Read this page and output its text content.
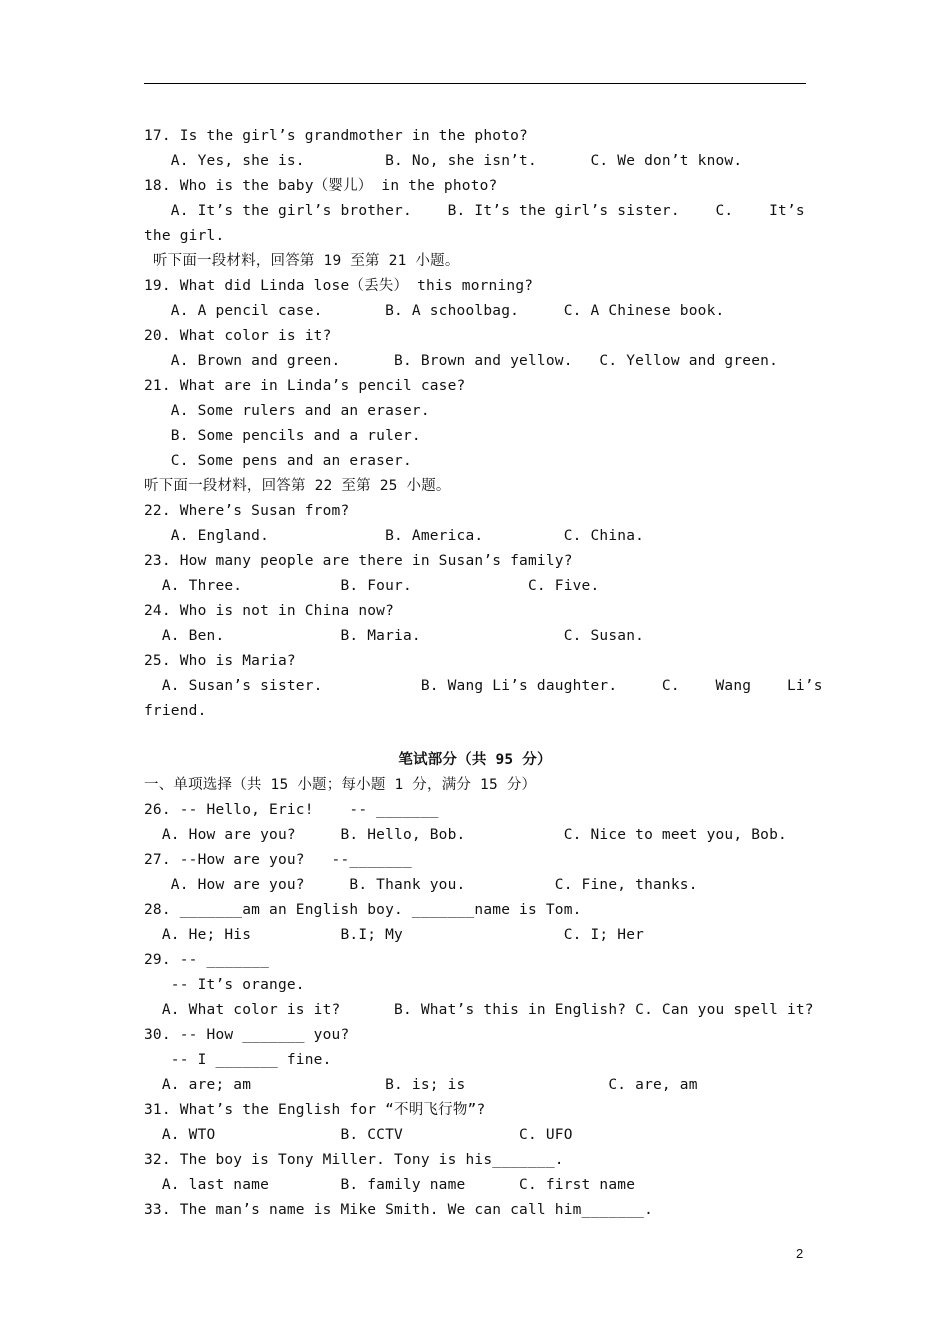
17. Is the girl’s grandmother in the photo?
A. Yes, she is.         B. No, she isn’t.      C. We don’t know.
18. Who is the baby（婴儿） in the photo?
A. It’s the girl’s brother.    B. It’s the girl’s sister.    C.    It’s
the girl.
听下面一段材料，回答第 19 至第 21 小题。
19. What did Linda lose（丢失） this morning?
A. A pencil case.       B. A schoolbag.     C. A Chinese book.
20. What color is it?
A. Brown and green.      B. Brown and yellow.   C. Yellow and green.
21. What are in Linda’s pencil case?
A. Some rulers and an eraser.
B. Some pencils and a ruler.
C. Some pens and an eraser.
听下面一段材料，回答第 22 至第 25 小题。
22. Where’s Susan from?
A. England.             B. America.         C. China.
23. How many people are there in Susan’s family?
A. Three.           B. Four.             C. Five.
24. Who is not in China now?
A. Ben.             B. Maria.                C. Susan.
25. Who is Maria?
A. Susan’s sister.           B. Wang Li’s daughter.     C.    Wang    Li’s
friend.
笔试部分（共 95 分）
一、单项选择（共 15 小题；每小题 1 分，满分 15 分）
26. -- Hello, Eric!    -- _______
A. How are you?     B. Hello, Bob.           C. Nice to meet you, Bob.
27. --How are you?   --_______
A. How are you?     B. Thank you.          C. Fine, thanks.
28. _______am an English boy. _______name is Tom.
A. He; His          B.I; My                  C. I; Her
29. -- _______
-- It’s orange.
A. What color is it?      B. What’s this in English? C. Can you spell it?
30. -- How _______ you?
-- I _______ fine.
A. are; am               B. is; is                C. are, am
31. What’s the English for “不明飞行物”?
A. WTO              B. CCTV             C. UFO
32. The boy is Tony Miller. Tony is his_______.
A. last name        B. family name      C. first name
33. The man’s name is Mike Smith. We can call him_______.
2
